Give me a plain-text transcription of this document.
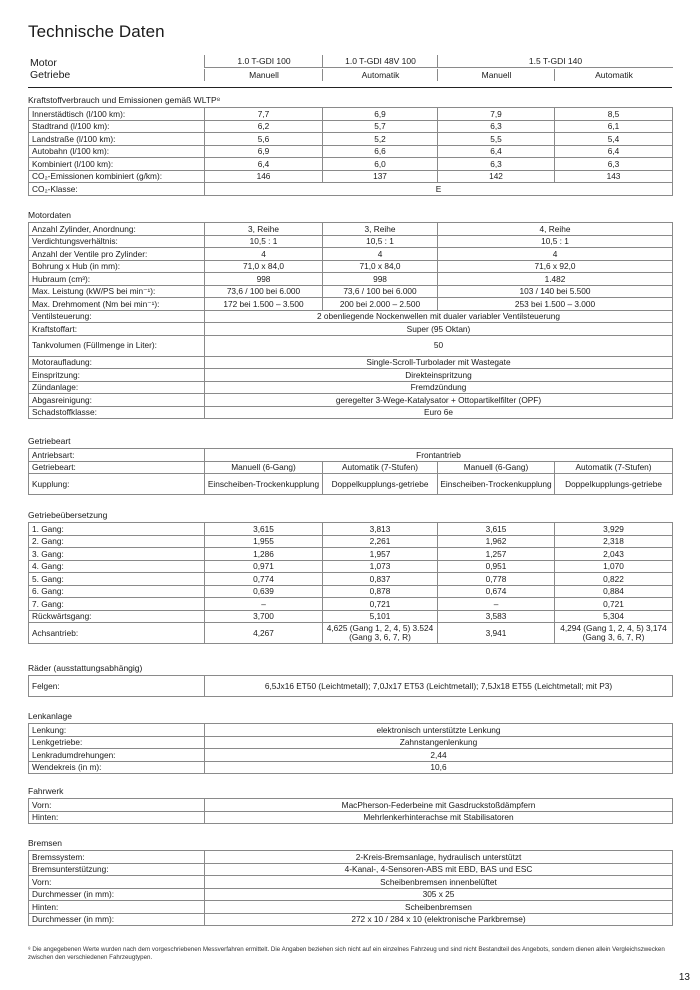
Technische Daten
Motor
Getriebe
1.0 T-GDI 100	1.0 T-GDI 48V 100	1.5 T-GDI 140
Manuell	Automatik	Manuell	Automatik
Kraftstoffverbrauch und Emissionen gemäß WLTP⁸
Innerstädtisch (l/100 km):	7,7	6,9	7,9	8,5
Stadtrand (l/100 km):	6,2	5,7	6,3	6,1
Landstraße (l/100 km):	5,6	5,2	5,5	5,4
Autobahn (l/100 km):	6,9	6,6	6,4	6,4
Kombiniert (l/100 km):	6,4	6,0	6,3	6,3
CO₂-Emissionen kombiniert (g/km):	146	137	142	143
CO₂-Klasse:	E			
Motordaten
Anzahl Zylinder, Anordnung:	3, Reihe	3, Reihe	4, Reihe
Verdichtungsverhältnis:	10,5 : 1	10,5 : 1	10,5 : 1
Anzahl der Ventile pro Zylinder:	4	4	4
Bohrung x Hub (in mm):	71,0 x 84,0	71,0 x 84,0	71,6 x 92,0
Hubraum (cm³):	998	998	1.482
Max. Leistung (kW/PS bei min⁻¹):	73,6 / 100 bei 6.000	73,6 / 100 bei 6.000	103 / 140 bei 5.500
Max. Drehmoment (Nm bei min⁻¹):	172 bei 1.500 – 3.500	200 bei 2.000 – 2.500	253 bei 1.500 – 3.000
Ventilsteuerung:	2 obenliegende Nockenwellen mit dualer variabler Ventilsteuerung		
Kraftstoffart:	Super (95 Oktan)		
Tankvolumen (Füllmenge in Liter):	50		
Motoraufladung:	Single-Scroll-Turbolader mit Wastegate		
Einspritzung:	Direkteinspritzung		
Zündanlage:	Fremdzündung		
Abgasreinigung:	geregelter 3-Wege-Katalysator + Ottopartikelfilter (OPF)		
Schadstoffklasse:	Euro 6e		
Getriebeart
Antriebsart:	Frontantrieb			
Getriebeart:	Manuell (6-Gang)	Automatik (7-Stufen)	Manuell (6-Gang)	Automatik (7-Stufen)
Kupplung:	Einscheiben-Trockenkupplung	Doppelkupplungs-getriebe	Einscheiben-Trockenkupplung	Doppelkupplungs-getriebe
Getriebeübersetzung
1. Gang:	3,615	3,813	3,615	3,929
2. Gang:	1,955	2,261	1,962	2,318
3. Gang:	1,286	1,957	1,257	2,043
4. Gang:	0,971	1,073	0,951	1,070
5. Gang:	0,774	0,837	0,778	0,822
6. Gang:	0,639	0,878	0,674	0,884
7. Gang:	–	0,721	–	0,721
Rückwärtsgang:	3,700	5,101	3,583	5,304
Achsantrieb:	4,267	4,625 (Gang 1, 2, 4, 5) 3.524 (Gang 3, 6, 7, R)	3,941	4,294 (Gang 1, 2, 4, 5) 3,174 (Gang 3, 6, 7, R)
Räder (ausstattungsabhängig)
Felgen:	6,5Jx16 ET50 (Leichtmetall); 7,0Jx17 ET53 (Leichtmetall); 7,5Jx18 ET55 (Leichtmetall; mit P3)
Lenkanlage
Lenkung:	elektronisch unterstützte Lenkung
Lenkgetriebe:	Zahnstangenlenkung
Lenkradumdrehungen:	2,44
Wendekreis (in m):	10,6
Fahrwerk
Vorn:	MacPherson-Federbeine mit Gasdruckstoßdämpfern
Hinten:	Mehrlenkerhinterachse mit Stabilisatoren
Bremsen
Bremssystem:	2-Kreis-Bremsanlage, hydraulisch unterstützt
Bremsunterstützung:	4-Kanal-, 4-Sensoren-ABS mit EBD, BAS und ESC
Vorn:	Scheibenbremsen innenbelüftet
Durchmesser (in mm):	305 x 25
Hinten:	Scheibenbremsen
Durchmesser (in mm):	272 x 10 / 284 x 10 (elektronische Parkbremse)
⁸ Die angegebenen Werte wurden nach dem vorgeschriebenen Messverfahren ermittelt. Die Angaben beziehen sich nicht auf ein einzelnes Fahrzeug und sind nicht Bestandteil des Angebots, sondern dienen allein Vergleichszwecken zwischen den verschiedenen Fahrzeugtypen.
13
